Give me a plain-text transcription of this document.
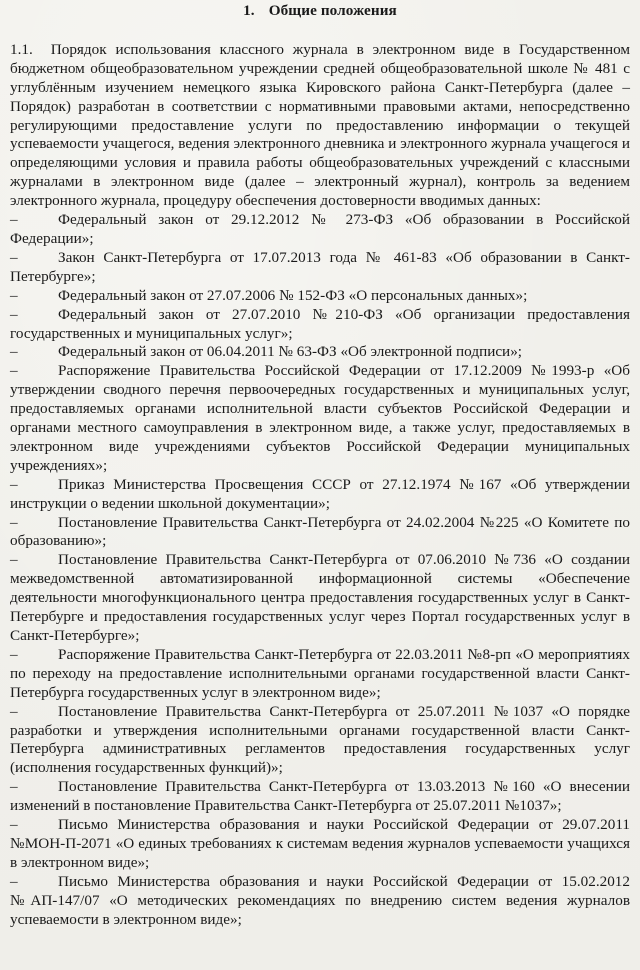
1. Общие положения

1.1. Порядок использования классного журнала в электронном виде в Государственном бюджетном общеобразовательном учреждении средней общеобразовательной школе № 481 с углублённым изучением немецкого языка Кировского района Санкт-Петербурга (далее – Порядок) разработан в соответствии с нормативными правовыми актами, непосредственно регулирующими предоставление услуги по предоставлению информации о текущей успеваемости учащегося, ведения электронного дневника и электронного журнала учащегося и определяющими условия и правила работы общеобразовательных учреждений с классными журналами в электронном виде (далее – электронный журнал), контроль за ведением электронного журнала, процедуру обеспечения достоверности вводимых данных:

–	Федеральный закон от 29.12.2012 № 273-ФЗ «Об образовании в Российской Федерации»;

–	Закон Санкт-Петербурга от 17.07.2013 года № 461-83 «Об образовании в Санкт-Петербурге»;

–	Федеральный закон от 27.07.2006 № 152-ФЗ «О персональных данных»;

–	Федеральный закон от 27.07.2010 №210-ФЗ «Об организации предоставления государственных и муниципальных услуг»;

–	Федеральный закон от 06.04.2011 № 63-ФЗ «Об электронной подписи»;

–	Распоряжение Правительства Российской Федерации от 17.12.2009 №1993-р «Об утверждении сводного перечня первоочередных государственных и муниципальных услуг, предоставляемых органами исполнительной власти субъектов Российской Федерации и органами местного самоуправления в электронном виде, а также услуг, предоставляемых в электронном виде учреждениями субъектов Российской Федерации муниципальных учреждениях»;

–	Приказ Министерства Просвещения СССР от 27.12.1974 №167 «Об утверждении инструкции о ведении школьной документации»;

–	Постановление Правительства Санкт-Петербурга от 24.02.2004 №225 «О Комитете по образованию»;

–	Постановление Правительства Санкт-Петербурга от 07.06.2010 №736 «О создании межведомственной автоматизированной информационной системы «Обеспечение деятельности многофункционального центра предоставления государственных услуг в Санкт-Петербурге и предоставления государственных услуг через Портал государственных услуг в Санкт-Петербурге»;

–	Распоряжение Правительства Санкт-Петербурга от 22.03.2011 №8-рп «О мероприятиях по переходу на предоставление исполнительными органами государственной власти Санкт-Петербурга государственных услуг в электронном виде»;

–	Постановление Правительства Санкт-Петербурга от 25.07.2011 №1037 «О порядке разработки и утверждения исполнительными органами государственной власти Санкт-Петербурга административных регламентов предоставления государственных услуг (исполнения государственных функций)»;

–	Постановление Правительства Санкт-Петербурга от 13.03.2013 №160 «О внесении изменений в постановление Правительства Санкт-Петербурга от 25.07.2011 №1037»;

–	Письмо Министерства образования и науки Российской Федерации от 29.07.2011 №МОН-П-2071 «О единых требованиях к системам ведения журналов успеваемости учащихся в электронном виде»;

–	Письмо Министерства образования и науки Российской Федерации от 15.02.2012 №АП-147/07 «О методических рекомендациях по внедрению систем ведения журналов успеваемости в электронном виде»;
